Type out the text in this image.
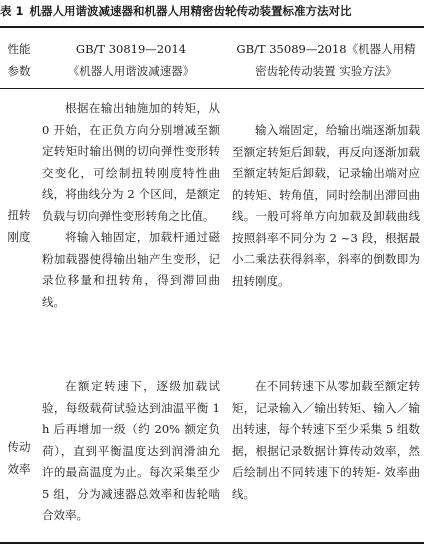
表 1 机器人用谐波减速器和机器人用精密齿轮传动装置标准方法对比
性能
参数
GB/T 30819—2014
《机器人用谐波减速器》
GB/T 35089—2018《机器人用精
密齿轮传动装置 实验方法》
扭转
刚度

根据在输出轴施加的转矩，从 0 开始，在正负方向分别增减至额定转矩时输出侧的切向弹性变形转交变化，可绘制扭转刚度特性曲线，将曲线分为 2 个区间，是额定负载与切向弹性变形转角之比值。

将输入轴固定，加载杆通过磁粉加载器使得输出轴产生变形，记录位移量和扭转角，得到滞回曲线。

输入端固定，给输出端逐渐加载至额定转矩后卸载，再反向逐渐加载至额定转矩后卸载，记录输出端对应的转矩、转角值，同时绘制出滞回曲线。一般可将单方向加载及卸载曲线按照斜率不同分为 2 ~3 段，根据最小二乘法获得斜率，斜率的倒数即为扭转刚度。

传动
效率

在额定转速下，逐级加载试验，每级载荷试验达到油温平衡 1 h 后再增加一级（约 20% 额定负荷），直到平衡温度达到润滑油允许的最高温度为止。每次采集至少 5 组，分为减速器总效率和齿轮啮合效率。

在不同转速下从零加载至额定转矩，记录输入／输出转矩、输入／输出转速，每个转速下至少采集 5 组数据，根据记录数据计算传动效率，然后绘制出不同转速下的转矩- 效率曲线。
